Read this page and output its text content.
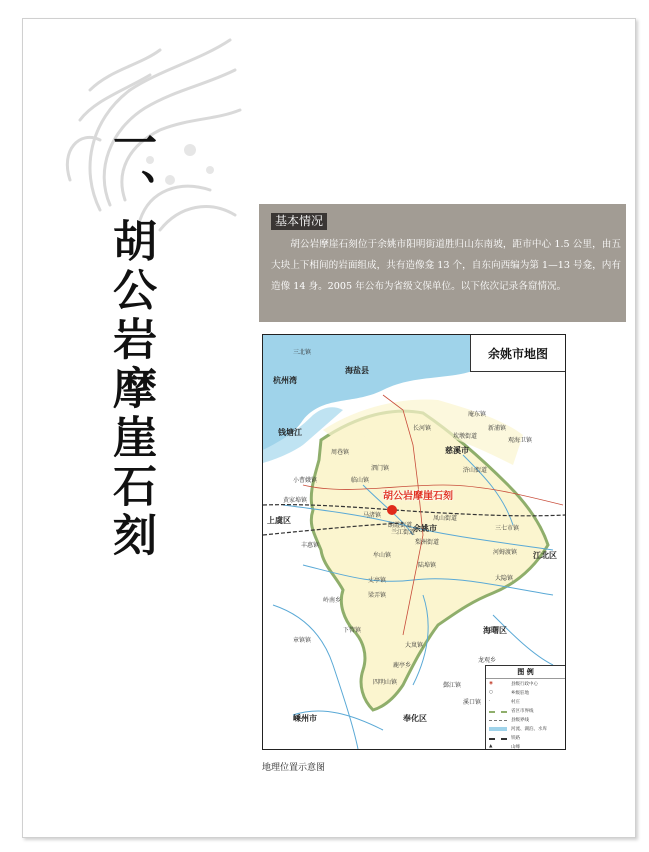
一、胡公岩摩崖石刻	基本情况
胡公岩摩崖石刻位于余姚市阳明街道胜归山东南坡，距市中心 1.5 公里，由五大块上下相间的岩面组成，共有造像龛 13 个，自东向西编为第 1—13 号龛，内有造像 14 身。2005 年公布为省级文保单位。以下依次记录各窟情况。
杭州湾
海盐县
钱塘江
慈溪市
上虞区
江北区
海曙区
余姚市
嵊州市	奉化区
长河镇
庵东镇
新浦镇
周巷镇
坎墩街道
浒山街道
泗门镇
临山镇
马渚镇
朗霞街道
兰江街道
凤山街道
梨洲街道
陆埠镇
河姆渡镇
大隐镇
三七市镇
牟山镇
丈亭镇
大岚镇
四明山镇
鹿亭乡
梁弄镇
丰惠镇
下管镇
章镇镇
岭南乡
溪口镇
龙观乡
鄞江镇
观海卫镇
三北镇
小曹娥镇
黄家埠镇
余姚市地图
胡公岩摩崖石刻
图 例
◉	县级行政中心
○	乡级驻地
·	村庄
省区市界线
县级界线
河流、湖泊、水库
铁路
▲	山峰
地理位置示意图
